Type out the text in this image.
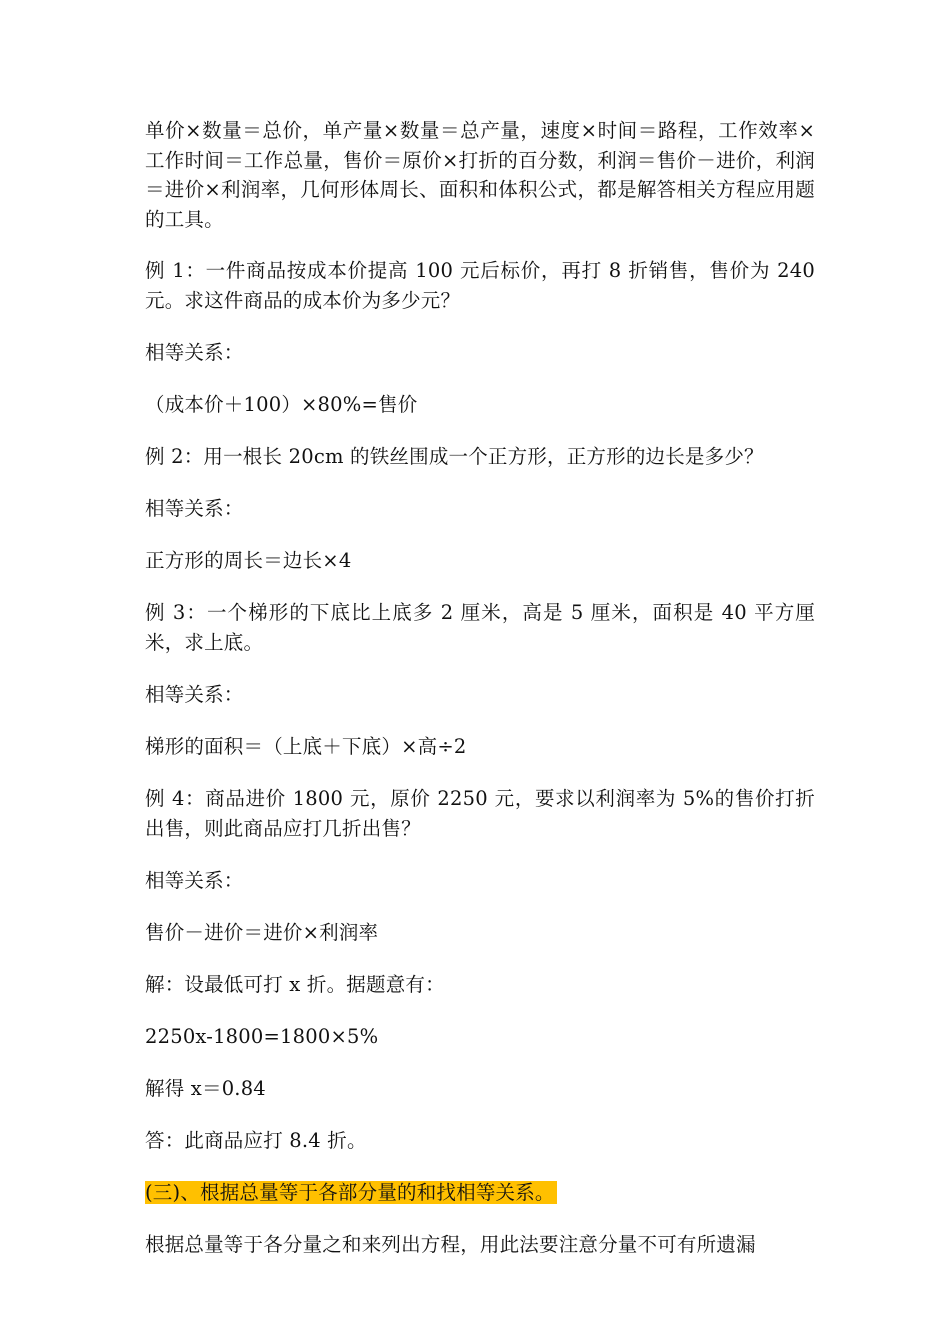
单价×数量＝总价，单产量×数量＝总产量，速度×时间＝路程，工作效率×工作时间＝工作总量，售价＝原价×打折的百分数，利润＝售价－进价，利润＝进价×利润率，几何形体周长、面积和体积公式，都是解答相关方程应用题的工具。

例 1：一件商品按成本价提高 100 元后标价，再打 8 折销售，售价为 240 元。求这件商品的成本价为多少元？

相等关系：

（成本价＋100）×80%=售价

例 2：用一根长 20cm 的铁丝围成一个正方形，正方形的边长是多少？

相等关系：

正方形的周长＝边长×4

例 3：一个梯形的下底比上底多 2 厘米，高是 5 厘米，面积是 40 平方厘米，求上底。

相等关系：

梯形的面积＝（上底＋下底）×高÷2

例 4：商品进价 1800 元，原价 2250 元，要求以利润率为 5%的售价打折出售，则此商品应打几折出售？

相等关系：

售价－进价＝进价×利润率

解：设最低可打 x 折。据题意有：

2250x-1800=1800×5%

解得 x＝0.84

答：此商品应打 8.4 折。

(三)、根据总量等于各部分量的和找相等关系。

根据总量等于各分量之和来列出方程，用此法要注意分量不可有所遗漏
